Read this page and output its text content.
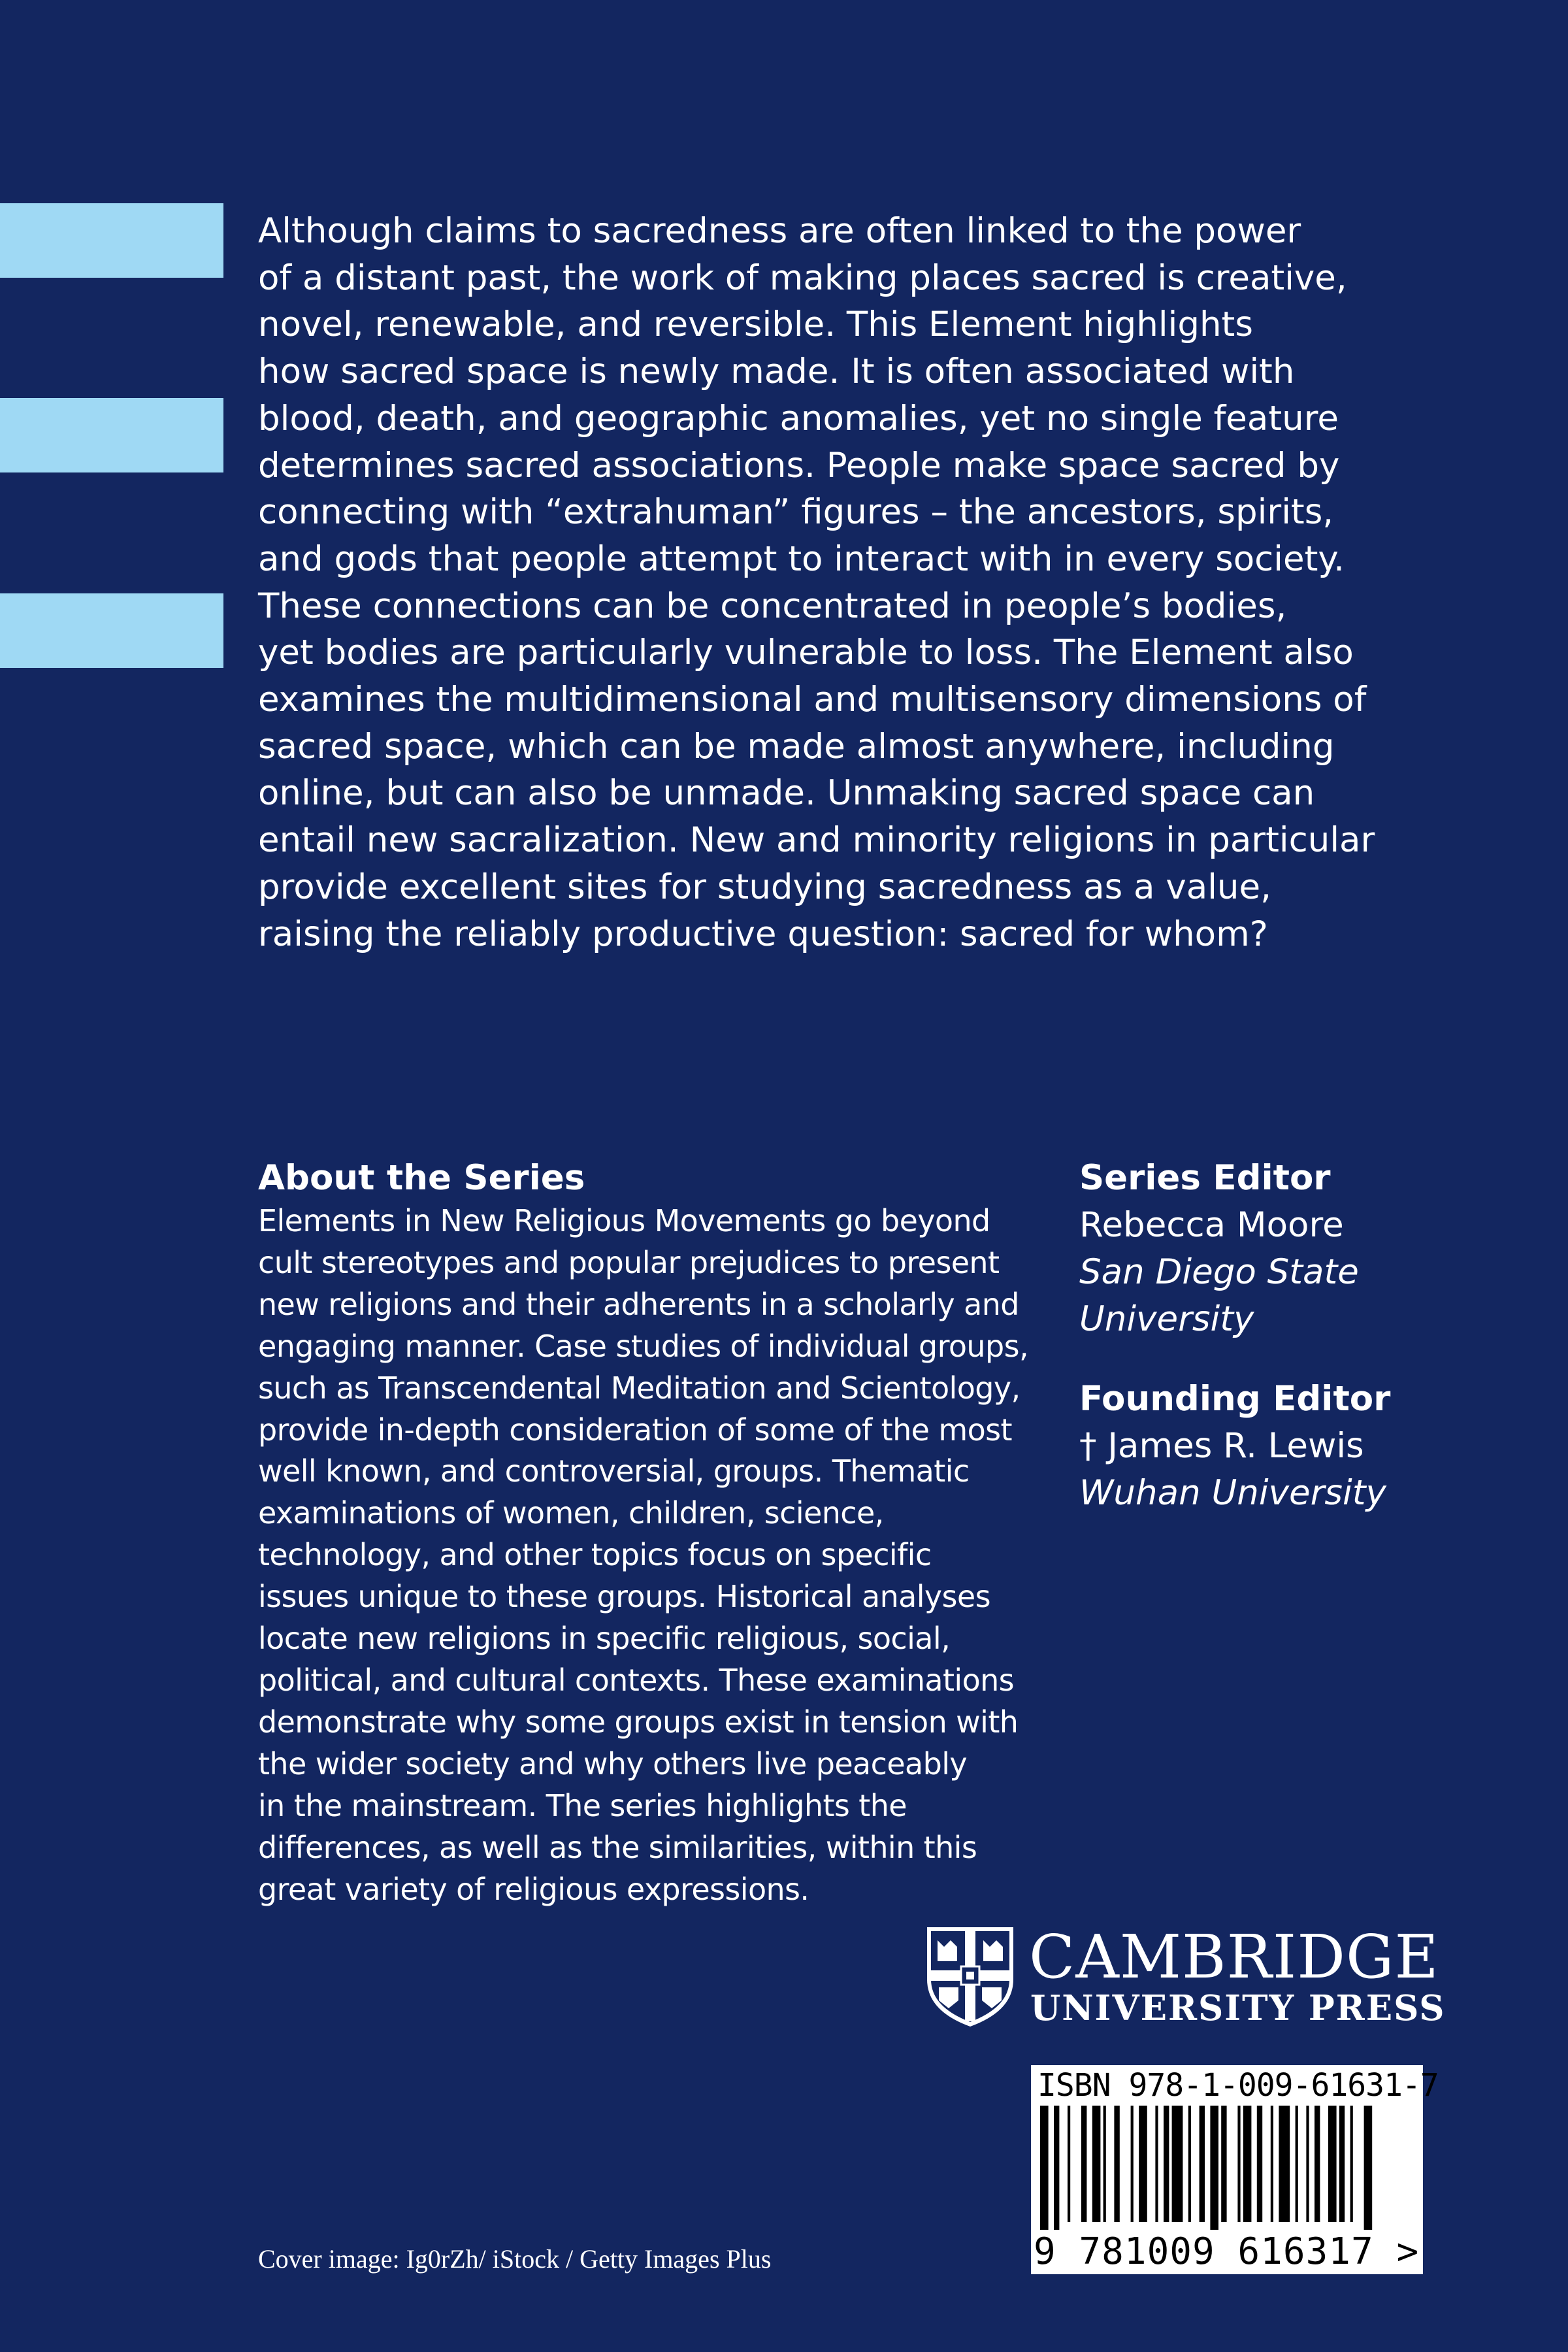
Although claims to sacredness are often linked to the power
of a distant past, the work of making places sacred is creative,
novel, renewable, and reversible. This Element highlights
how sacred space is newly made. It is often associated with
blood, death, and geographic anomalies, yet no single feature
determines sacred associations. People make space sacred by
connecting with “extrahuman” figures – the ancestors, spirits,
and gods that people attempt to interact with in every society.
These connections can be concentrated in people’s bodies,
yet bodies are particularly vulnerable to loss. The Element also
examines the multidimensional and multisensory dimensions of
sacred space, which can be made almost anywhere, including
online, but can also be unmade. Unmaking sacred space can
entail new sacralization. New and minority religions in particular
provide excellent sites for studying sacredness as a value,
raising the reliably productive question: sacred for whom?

About the Series

Elements in New Religious Movements go beyond
cult stereotypes and popular prejudices to present
new religions and their adherents in a scholarly and
engaging manner. Case studies of individual groups,
such as Transcendental Meditation and Scientology,
provide in-depth consideration of some of the most
well known, and controversial, groups. Thematic
examinations of women, children, science,
technology, and other topics focus on specific
issues unique to these groups. Historical analyses
locate new religions in specific religious, social,
political, and cultural contexts. These examinations
demonstrate why some groups exist in tension with
the wider society and why others live peaceably
in the mainstream. The series highlights the
differences, as well as the similarities, within this
great variety of religious expressions.

Series Editor

Rebecca Moore

San Diego State

University

Founding Editor

† James R. Lewis

Wuhan University

CAMBRIDGE
UNIVERSITY PRESS
ISBN 978-1-009-61631-7
9 781009 616317 >
Cover image: Ig0rZh/ iStock / Getty Images Plus
